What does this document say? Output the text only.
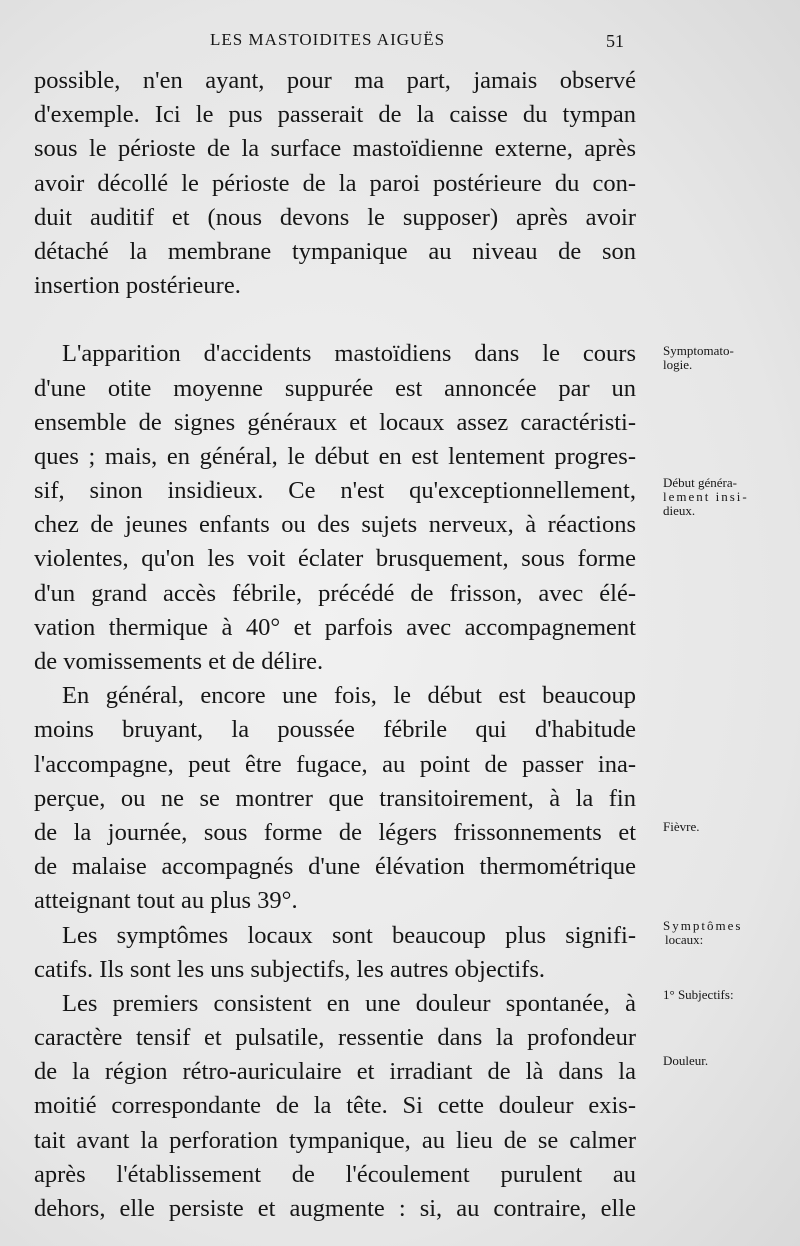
LES MASTOIDITES AIGUËS	51
possible, n'en ayant, pour ma part, jamais observé
d'exemple. Ici le pus passerait de la caisse du tympan
sous le périoste de la surface mastoïdienne externe, après
avoir décollé le périoste de la paroi postérieure du con-
duit auditif et (nous devons le supposer) après avoir
détaché la membrane tympanique au niveau de son
insertion postérieure.
L'apparition d'accidents mastoïdiens dans le cours
d'une otite moyenne suppurée est annoncée par un
ensemble de signes généraux et locaux assez caractéristi-
ques ; mais, en général, le début en est lentement progres-
sif, sinon insidieux. Ce n'est qu'exceptionnellement,
chez de jeunes enfants ou des sujets nerveux, à réactions
violentes, qu'on les voit éclater brusquement, sous forme
d'un grand accès fébrile, précédé de frisson, avec élé-
vation thermique à 40° et parfois avec accompagnement
de vomissements et de délire.
En général, encore une fois, le début est beaucoup
moins bruyant, la poussée fébrile qui d'habitude
l'accompagne, peut être fugace, au point de passer ina-
perçue, ou ne se montrer que transitoirement, à la fin
de la journée, sous forme de légers frissonnements et
de malaise accompagnés d'une élévation thermométrique
atteignant tout au plus 39°.
Les symptômes locaux sont beaucoup plus signifi-
catifs. Ils sont les uns subjectifs, les autres objectifs.
Les premiers consistent en une douleur spontanée, à
caractère tensif et pulsatile, ressentie dans la profondeur
de la région rétro-auriculaire et irradiant de là dans la
moitié correspondante de la tête. Si cette douleur exis-
tait avant la perforation tympanique, au lieu de se calmer
après l'établissement de l'écoulement purulent au
dehors, elle persiste et augmente : si, au contraire, elle
Symptomato-
logie.
Début généra-
lement insi-
dieux.
Fièvre.
Symptômes
locaux:
1° Subjectifs:
Douleur.
